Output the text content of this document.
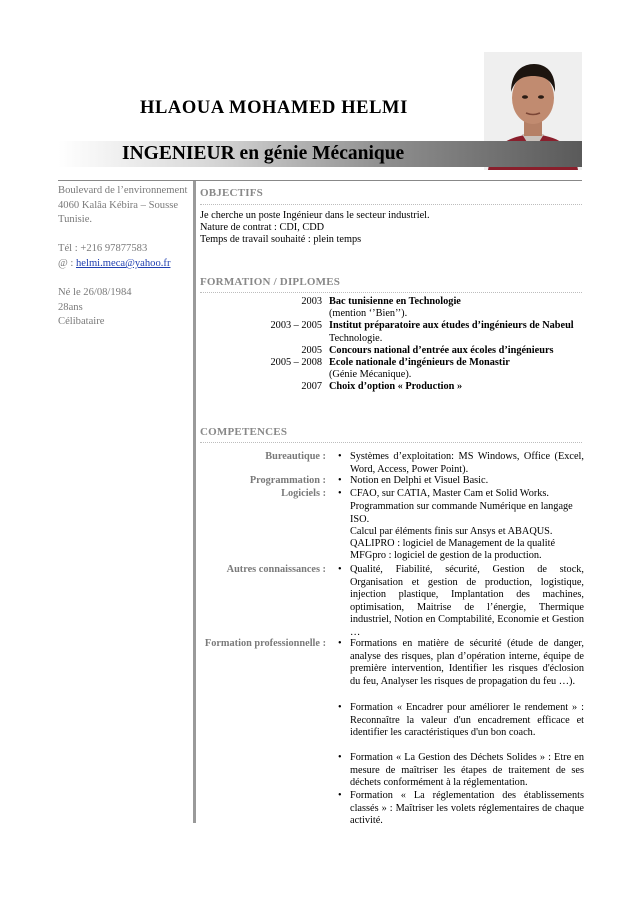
HLAOUA MOHAMED HELMI
INGENIEUR en génie Mécanique
Boulevard de l’environnement
4060 Kalâa Kébira – Sousse
Tunisie.
Tél : +216 97877583
@ : helmi.meca@yahoo.fr
Né le 26/08/1984
28ans
Célibataire
OBJECTIFS
Je cherche un poste Ingénieur dans le secteur industriel.
Nature de contrat : CDI, CDD
Temps de travail souhaité : plein temps
FORMATION / DIPLOMES
2003 Bac tunisienne en Technologie
(mention ‘’Bien’’).
2003 – 2005 Institut préparatoire aux études d’ingénieurs de Nabeul
Technologie.
2005 Concours national d’entrée aux écoles d’ingénieurs
2005 – 2008 Ecole nationale d’ingénieurs de Monastir
(Génie Mécanique).
2007 Choix d’option « Production »
COMPETENCES
Bureautique : • Systèmes d’exploitation: MS Windows, Office (Excel, Word, Access, Power Point).
Programmation : • Notion en Delphi et Visuel Basic.
Logiciels : • CFAO, sur CATIA, Master Cam et Solid Works.
Programmation sur commande Numérique en langage ISO.
Calcul par éléments finis sur Ansys et ABAQUS.
QALIPRO : logiciel de Management de la qualité
MFGpro : logiciel de gestion de la production.
Autres connaissances : • Qualité, Fiabilité, sécurité, Gestion de stock, Organisation et gestion de production, logistique, injection plastique, Implantation des machines, optimisation, Maitrise de l’énergie, Thermique industriel, Notion en Comptabilité, Economie et Gestion …
Formation professionnelle : • Formations en matière de sécurité (étude de danger, analyse des risques, plan d’opération interne, équipe de première intervention, Identifier les risques d'éclosion du feu, Analyser les risques de propagation du feu …).
• Formation « Encadrer pour améliorer le rendement » : Reconnaître la valeur d'un encadrement efficace et identifier les caractéristiques d'un bon coach.
• Formation « La Gestion des Déchets Solides » : Etre en mesure de maîtriser les étapes de traitement de ses déchets conformément à la réglementation.
• Formation « La réglementation des établissements classés » : Maîtriser les volets réglementaires de chaque activité.
